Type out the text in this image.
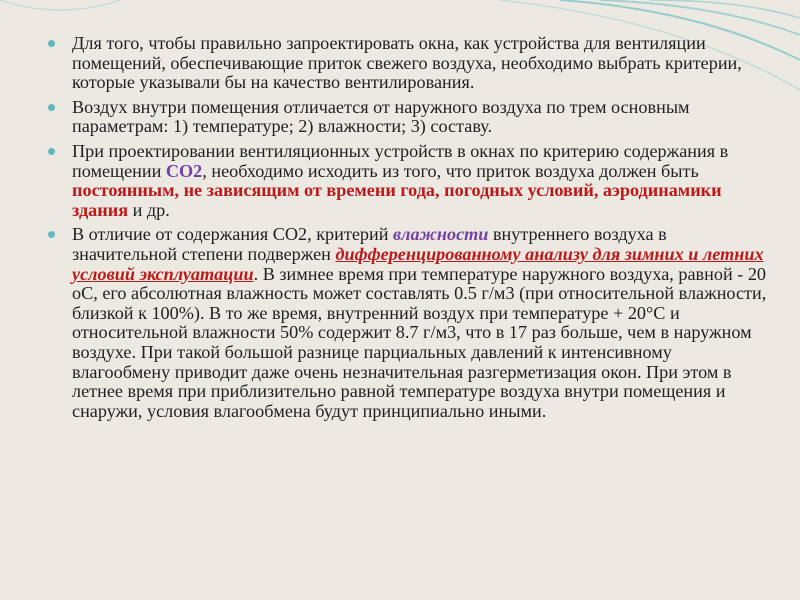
Для того, чтобы правильно запроектировать окна, как устройства для вентиляции помещений, обеспечивающие приток свежего воздуха, необходимо выбрать критерии, которые указывали бы на качество вентилирования.
Воздух внутри помещения отличается от наружного воздуха по трем основным параметрам: 1) температуре; 2) влажности; 3) составу.
При проектировании вентиляционных устройств в окнах по критерию содержания в помещении СО2, необходимо исходить из того, что приток воздуха должен быть постоянным, не зависящим от времени года, погодных условий, аэродинамики здания и др.
В отличие от содержания СО2, критерий влажности внутреннего воздуха в значительной степени подвержен дифференцированному анализу для зимних и летних условий эксплуатации. В зимнее время при температуре наружного воздуха, равной - 20 оС, его абсолютная влажность может составлять 0.5 г/м3 (при относительной влажности, близкой к 100%). В то же время, внутренний воздух при температуре + 20°С и относительной влажности 50% содержит 8.7 г/м3, что в 17 раз больше, чем в наружном воздухе. При такой большой разнице парциальных давлений к интенсивному влагообмену приводит даже очень незначительная разгерметизация окон. При этом в летнее время при приблизительно равной температуре воздуха внутри помещения и снаружи, условия влагообмена будут принципиально иными.
